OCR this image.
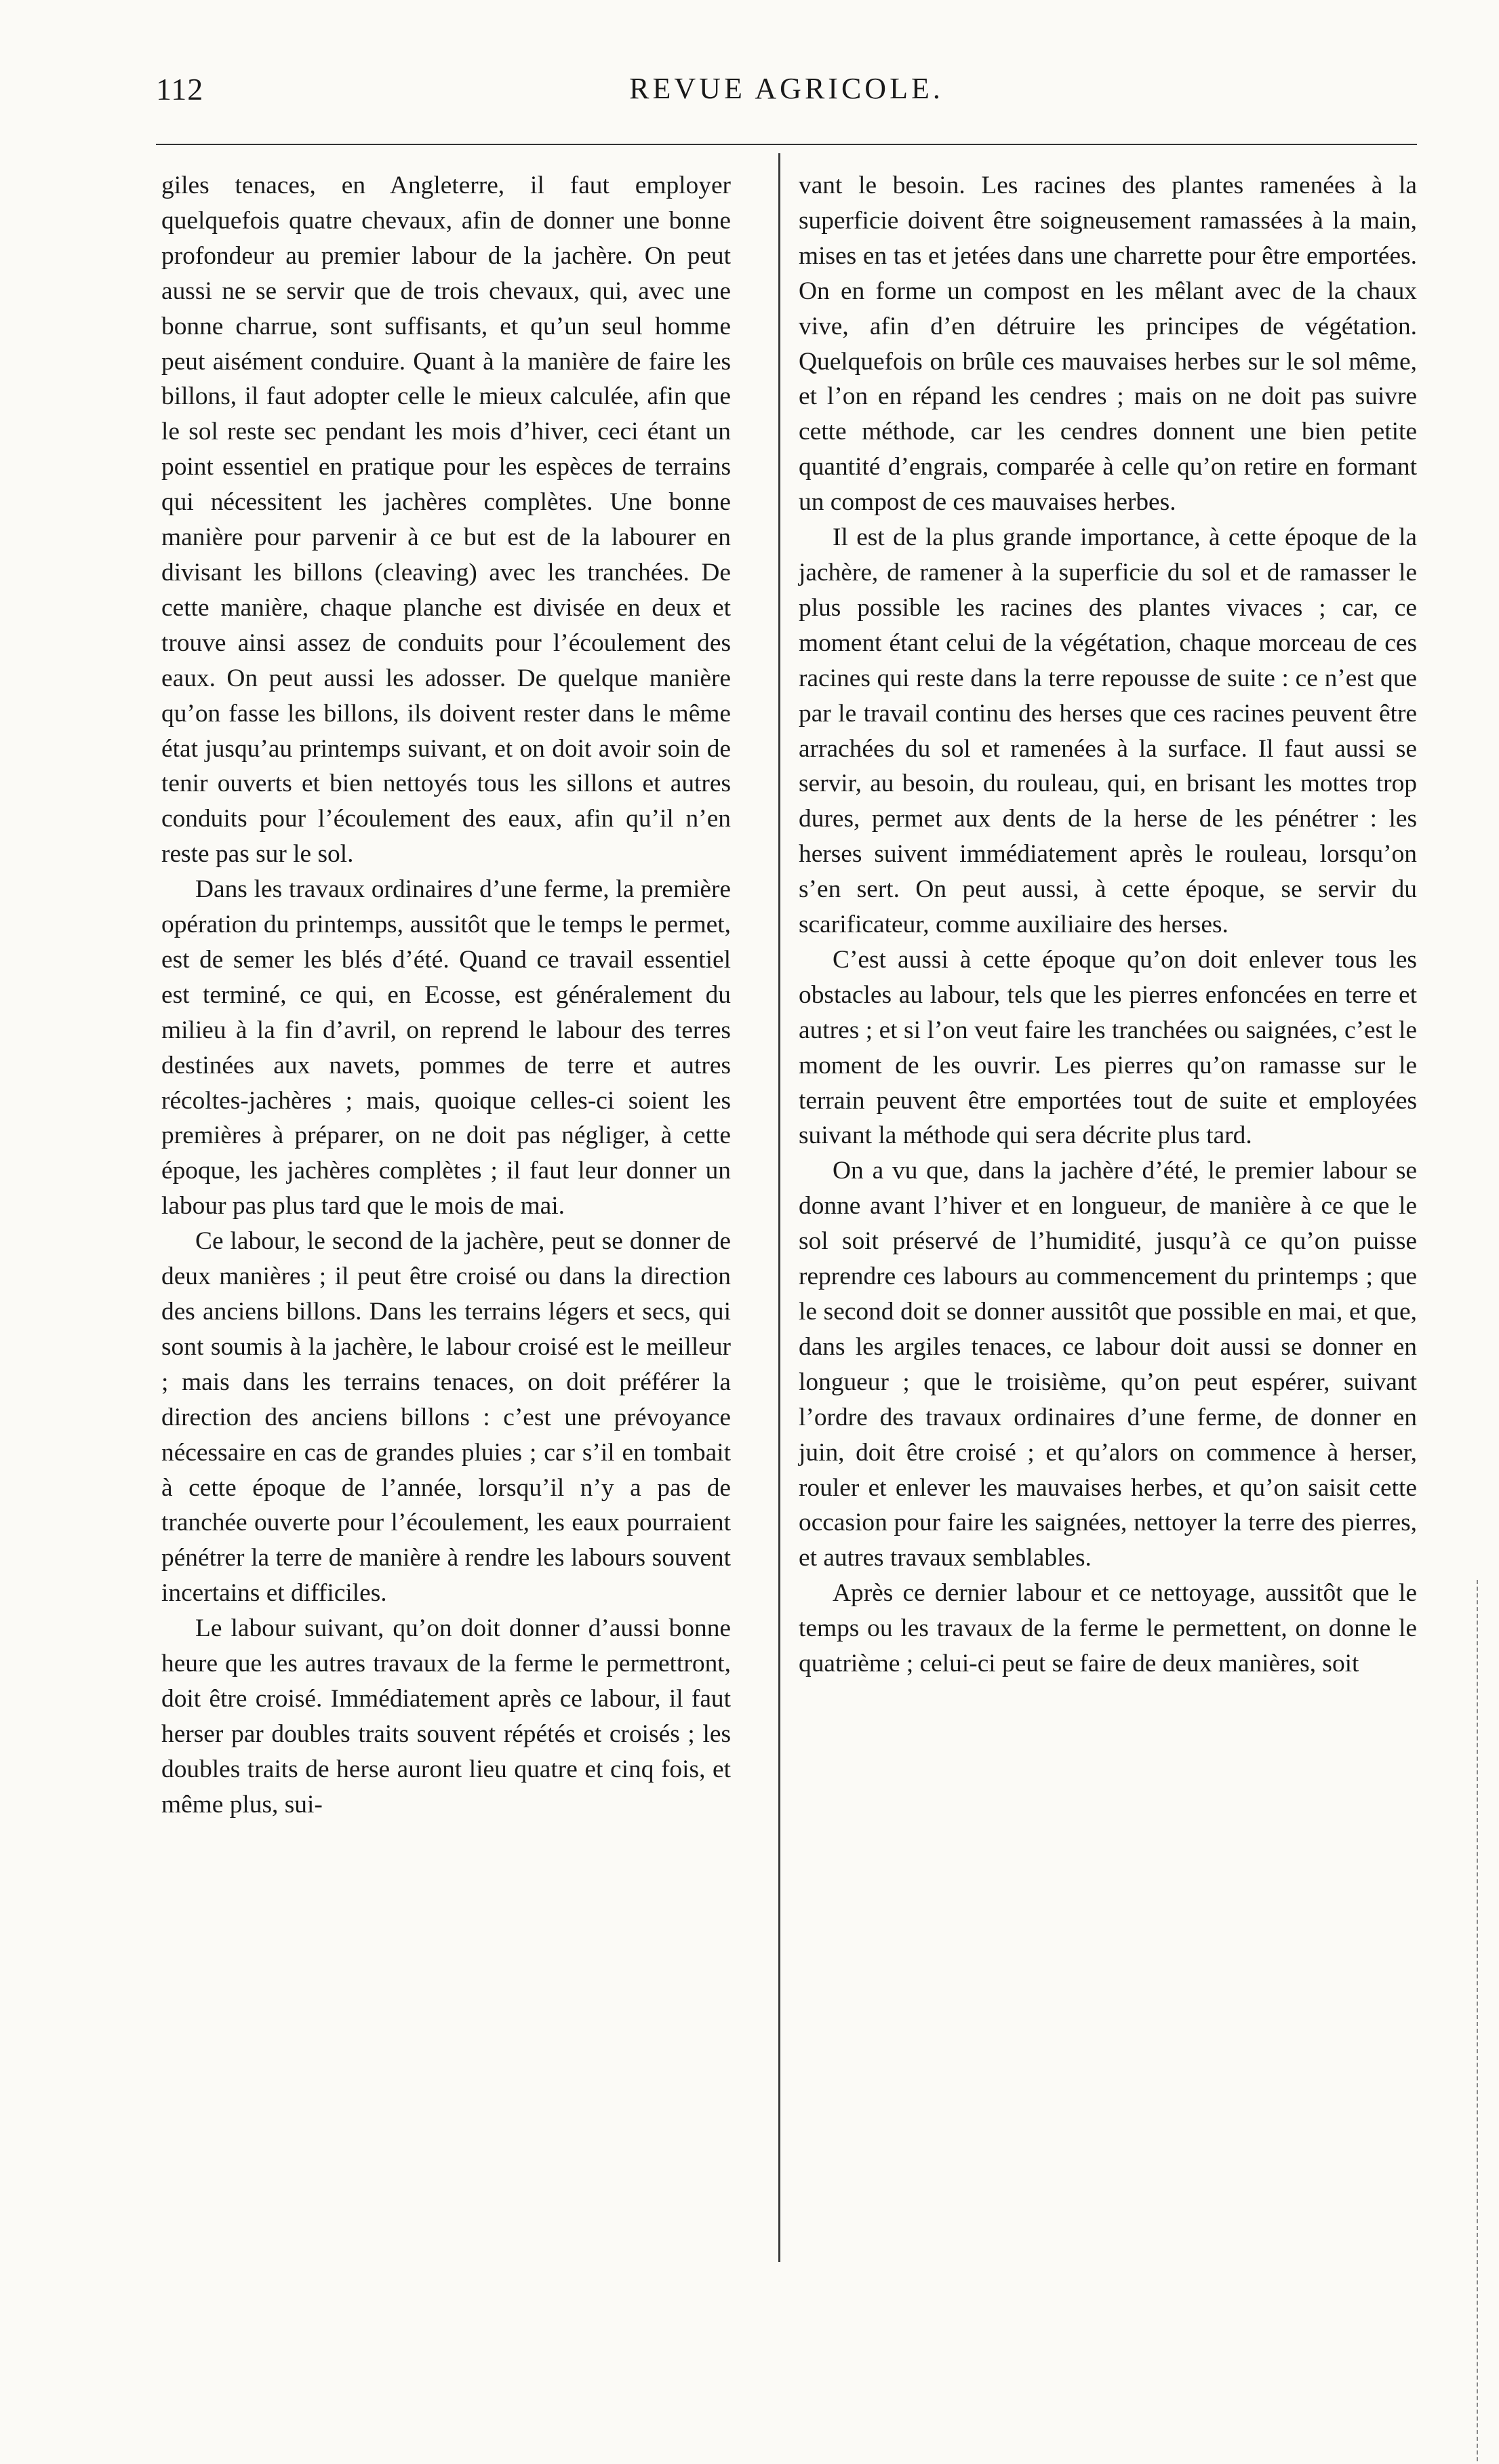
112	REVUE AGRICOLE.

giles tenaces, en Angleterre, il faut employer quelquefois quatre chevaux, afin de donner une bonne profondeur au premier labour de la jachère. On peut aussi ne se servir que de trois chevaux, qui, avec une bonne charrue, sont suffisants, et qu’un seul homme peut aisément conduire. Quant à la manière de faire les billons, il faut adopter celle le mieux calculée, afin que le sol reste sec pendant les mois d’hiver, ceci étant un point essentiel en pratique pour les espèces de terrains qui nécessitent les jachères complètes. Une bonne manière pour parvenir à ce but est de la labourer en divisant les billons (cleaving) avec les tranchées. De cette manière, chaque planche est divisée en deux et trouve ainsi assez de conduits pour l’écoulement des eaux. On peut aussi les adosser. De quelque manière qu’on fasse les billons, ils doivent rester dans le même état jusqu’au printemps suivant, et on doit avoir soin de tenir ouverts et bien nettoyés tous les sillons et autres conduits pour l’écoulement des eaux, afin qu’il n’en reste pas sur le sol.

Dans les travaux ordinaires d’une ferme, la première opération du printemps, aussitôt que le temps le permet, est de semer les blés d’été. Quand ce travail essentiel est terminé, ce qui, en Ecosse, est généralement du milieu à la fin d’avril, on reprend le labour des terres destinées aux navets, pommes de terre et autres récoltes-jachères ; mais, quoique celles-ci soient les premières à préparer, on ne doit pas négliger, à cette époque, les jachères complètes ; il faut leur donner un labour pas plus tard que le mois de mai.

Ce labour, le second de la jachère, peut se donner de deux manières ; il peut être croisé ou dans la direction des anciens billons. Dans les terrains légers et secs, qui sont soumis à la jachère, le labour croisé est le meilleur ; mais dans les terrains tenaces, on doit préférer la direction des anciens billons : c’est une prévoyance nécessaire en cas de grandes pluies ; car s’il en tombait à cette époque de l’année, lorsqu’il n’y a pas de tranchée ouverte pour l’écoulement, les eaux pourraient pénétrer la terre de manière à rendre les labours souvent incertains et difficiles.

Le labour suivant, qu’on doit donner d’aussi bonne heure que les autres travaux de la ferme le permettront, doit être croisé. Immédiatement après ce labour, il faut herser par doubles traits souvent répétés et croisés ; les doubles traits de herse auront lieu quatre et cinq fois, et même plus, sui-

vant le besoin. Les racines des plantes ramenées à la superficie doivent être soigneusement ramassées à la main, mises en tas et jetées dans une charrette pour être emportées. On en forme un compost en les mêlant avec de la chaux vive, afin d’en détruire les principes de végétation. Quelquefois on brûle ces mauvaises herbes sur le sol même, et l’on en répand les cendres ; mais on ne doit pas suivre cette méthode, car les cendres donnent une bien petite quantité d’engrais, comparée à celle qu’on retire en formant un compost de ces mauvaises herbes.

Il est de la plus grande importance, à cette époque de la jachère, de ramener à la superficie du sol et de ramasser le plus possible les racines des plantes vivaces ; car, ce moment étant celui de la végétation, chaque morceau de ces racines qui reste dans la terre repousse de suite : ce n’est que par le travail continu des herses que ces racines peuvent être arrachées du sol et ramenées à la surface. Il faut aussi se servir, au besoin, du rouleau, qui, en brisant les mottes trop dures, permet aux dents de la herse de les pénétrer : les herses suivent immédiatement après le rouleau, lorsqu’on s’en sert. On peut aussi, à cette époque, se servir du scarificateur, comme auxiliaire des herses.

C’est aussi à cette époque qu’on doit enlever tous les obstacles au labour, tels que les pierres enfoncées en terre et autres ; et si l’on veut faire les tranchées ou saignées, c’est le moment de les ouvrir. Les pierres qu’on ramasse sur le terrain peuvent être emportées tout de suite et employées suivant la méthode qui sera décrite plus tard.

On a vu que, dans la jachère d’été, le premier labour se donne avant l’hiver et en longueur, de manière à ce que le sol soit préservé de l’humidité, jusqu’à ce qu’on puisse reprendre ces labours au commencement du printemps ; que le second doit se donner aussitôt que possible en mai, et que, dans les argiles tenaces, ce labour doit aussi se donner en longueur ; que le troisième, qu’on peut espérer, suivant l’ordre des travaux ordinaires d’une ferme, de donner en juin, doit être croisé ; et qu’alors on commence à herser, rouler et enlever les mauvaises herbes, et qu’on saisit cette occasion pour faire les saignées, nettoyer la terre des pierres, et autres travaux semblables.

Après ce dernier labour et ce nettoyage, aussitôt que le temps ou les travaux de la ferme le permettent, on donne le quatrième ; celui-ci peut se faire de deux manières, soit
